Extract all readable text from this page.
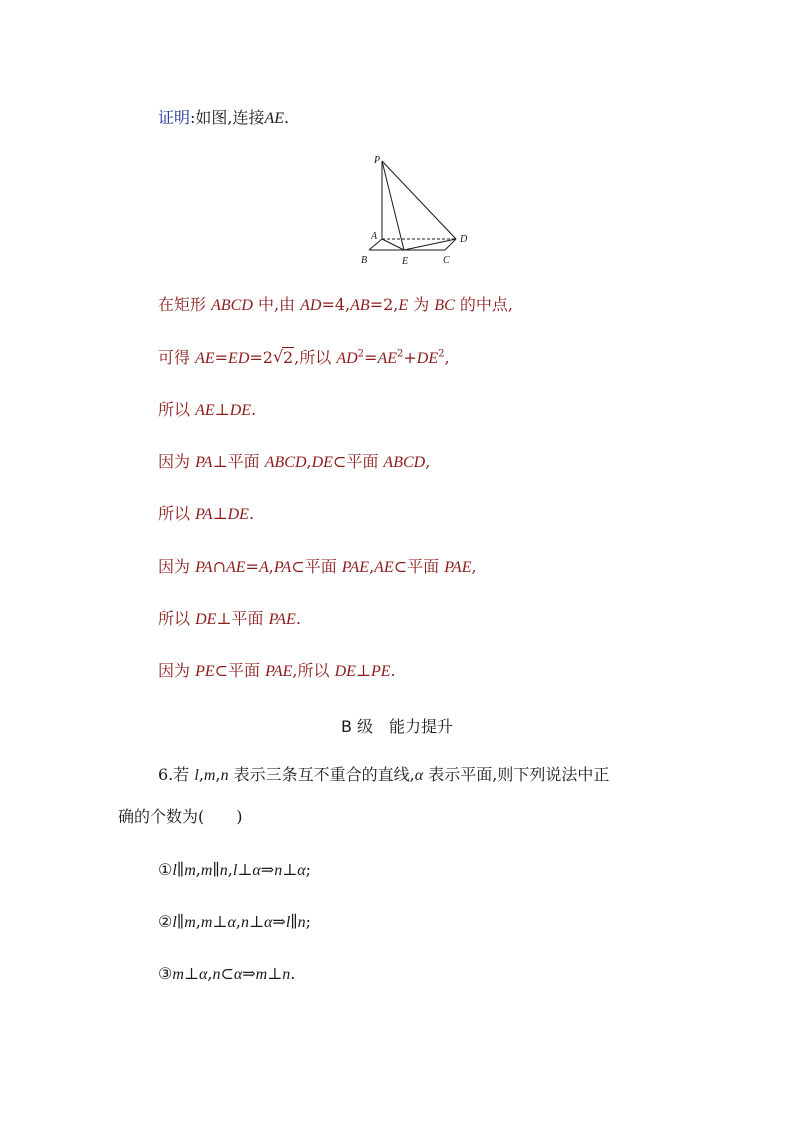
证明:如图,连接AE.
P
A
B	E	C
D
在矩形 ABCD 中,由 AD=4,AB=2,E 为 BC 的中点,
可得 AE=ED=2 √ 2,所以 $AD^2=AE^2+DE^2$,
所以 AE⊥DE.
因为 PA⊥平面 ABCD,DE⊂平面 ABCD,
所以 PA⊥DE.
因为 PA∩AE=A,PA⊂平面 PAE,AE⊂平面 PAE,
所以 DE⊥平面 PAE.
因为 PE⊂平面 PAE,所以 DE⊥PE.
B 级　能力提升
6.若 l,m,n 表示三条互不重合的直线,α 表示平面,则下列说法中正
确的个数为(　　)
①l∥m,m∥n,l⊥α⇒n⊥α;
②l∥m,m⊥α,n⊥α⇒l∥n;
③m⊥α,n⊂α⇒m⊥n.
